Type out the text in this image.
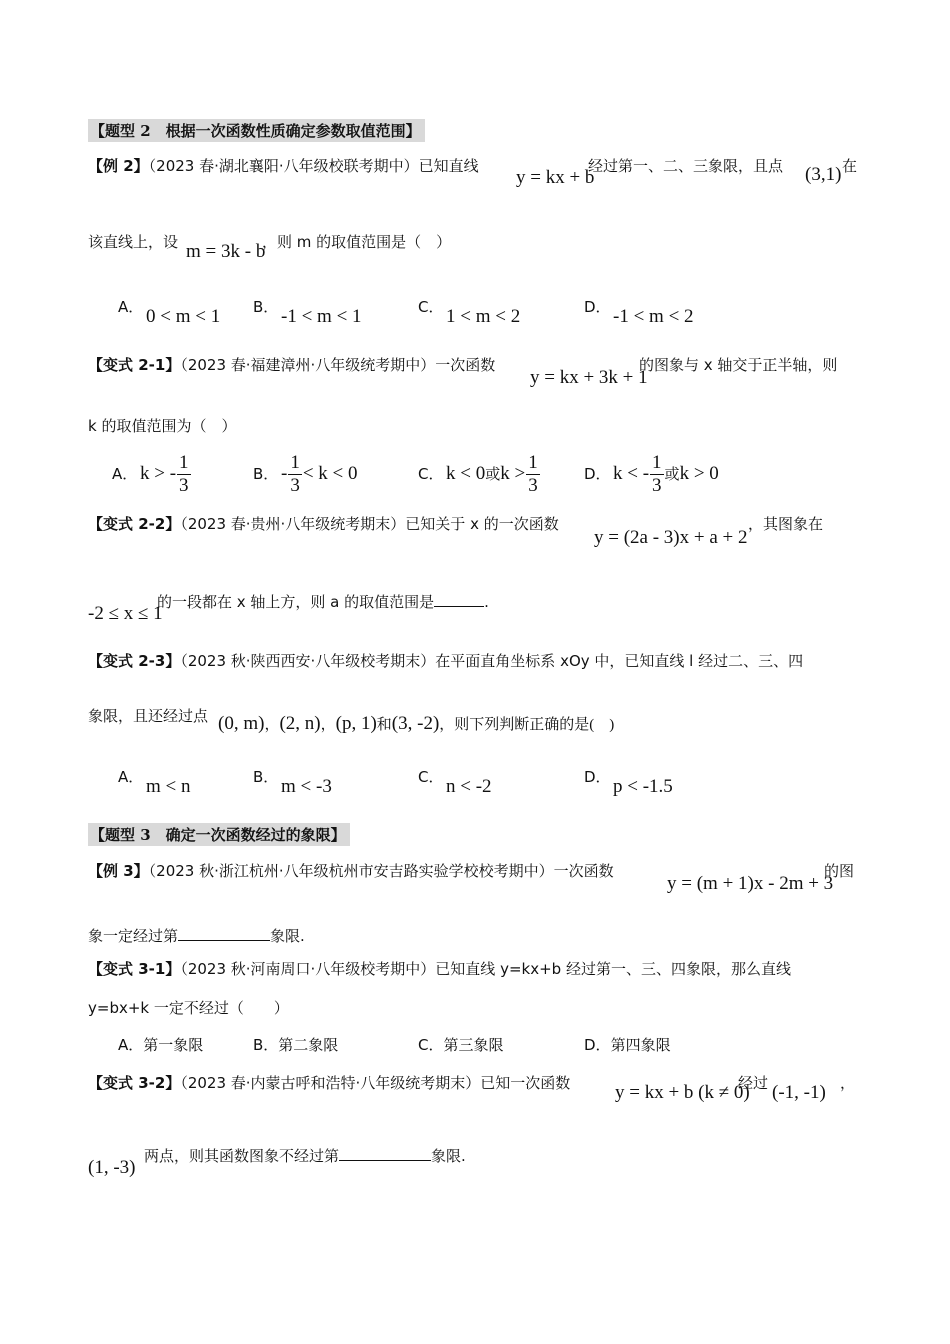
【题型 2　根据一次函数性质确定参数取值范围】
【例 2】（2023 春·湖北襄阳·八年级校联考期中）已知直线
y = kx + b
经过第一、二、三象限，且点 (3,1) 在
该直线上，设 m = 3k - b
，则 m 的取值范围是（　）
A． 0 < m < 1 B． -1 < m < 1	C． 1 < m < 2	D． -1 < m < 2
【变式 2-1】（2023 春·福建漳州·八年级统考期中）一次函数
y = kx + 3k + 1
的图象与 x 轴交于正半轴，则
k 的取值范围为（　）
A． k > - $\frac{1}{3}$	B． - $\frac{1}{3} < k < 0$	C． k < 0或$k > \frac{1}{3}$	D． k < - $\frac{1}{3}$ 或k > 0
【变式 2-2】（2023 春·贵州·八年级统考期末）已知关于 x 的一次函数
y = (2a - 3)x + a + 2
，其图象在
-2 ≤ x ≤ 1
的一段都在 x 轴上方，则 a 的取值范围是	.
【变式 2-3】（2023 秋·陕西西安·八年级校考期末）在平面直角坐标系 xOy 中，已知直线 l 经过二、三、四
象限，且还经过点 (0, m)，(2, n)，(p, 1)和(3, -2)，则下列判断正确的是(　)
A． m < n	B． m < -3	C． n < -2	D． p < -1.5
【题型 3　确定一次函数经过的象限】
【例 3】（2023 秋·浙江杭州·八年级杭州市安吉路实验学校校考期中）一次函数
y = (m + 1)x - 2m + 3
的图
象一定经过第	象限.
【变式 3-1】（2023 秋·河南周口·八年级校考期中）已知直线 y=kx+b 经过第一、三、四象限，那么直线
y=bx+k 一定不经过（　　）
A．第一象限	B．第二象限	C．第三象限	D．第四象限
【变式 3-2】（2023 春·内蒙古呼和浩特·八年级统考期末）已知一次函数 y = kx + b (k ≠ 0)
经过 (-1, -1) ，
(1, -3)
两点，则其函数图象不经过第	象限.
